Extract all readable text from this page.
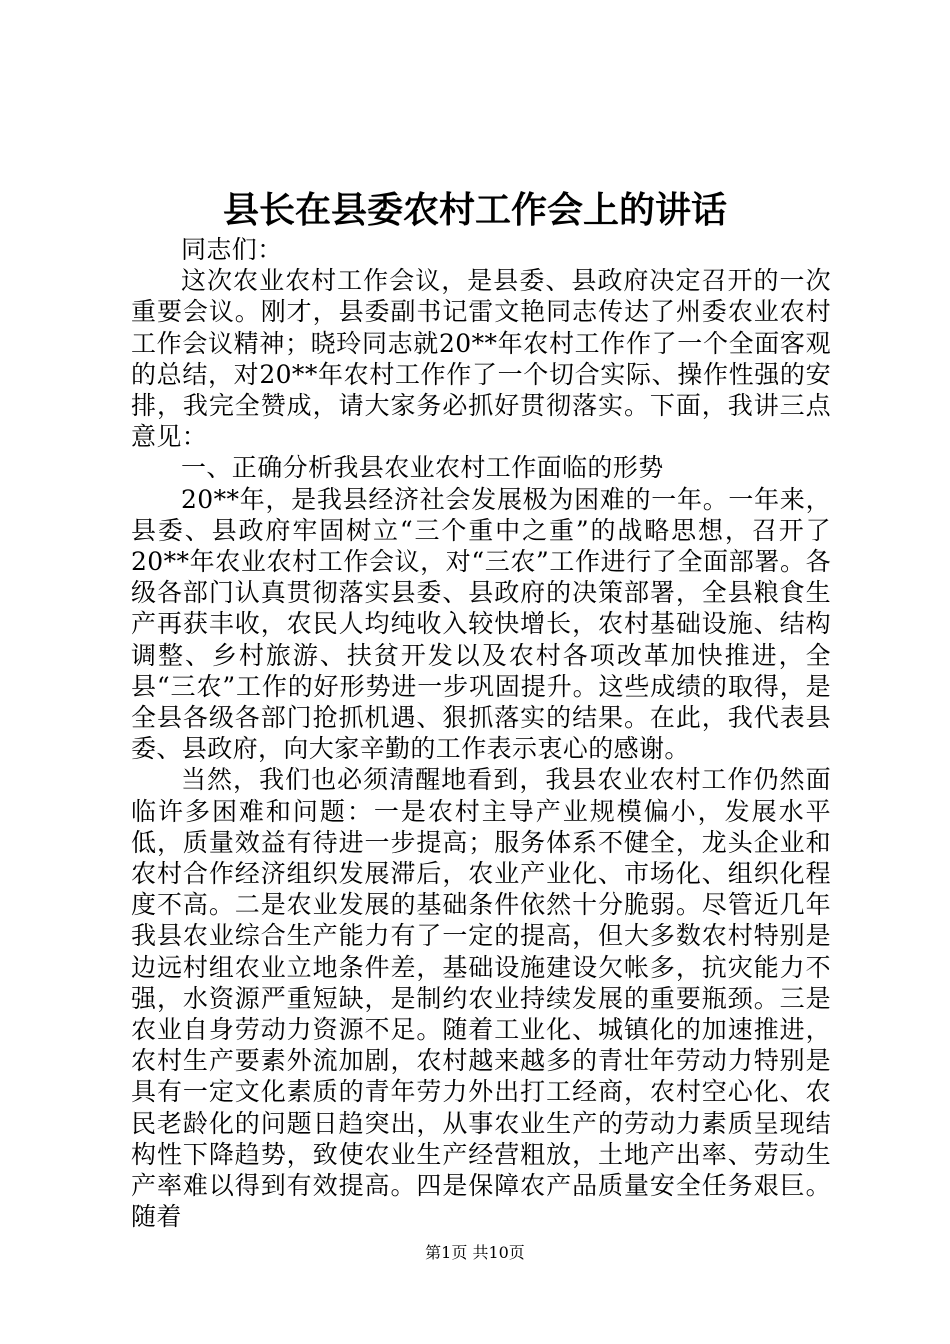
县长在县委农村工作会上的讲话

同志们：

这次农业农村工作会议，是县委、县政府决定召开的一次重要会议。刚才，县委副书记雷文艳同志传达了州委农业农村工作会议精神；晓玲同志就20**年农村工作作了一个全面客观的总结，对20**年农村工作作了一个切合实际、操作性强的安排，我完全赞成，请大家务必抓好贯彻落实。下面，我讲三点意见：

一、正确分析我县农业农村工作面临的形势

20**年，是我县经济社会发展极为困难的一年。一年来，县委、县政府牢固树立“三个重中之重”的战略思想，召开了20**年农业农村工作会议，对“三农”工作进行了全面部署。各级各部门认真贯彻落实县委、县政府的决策部署，全县粮食生产再获丰收，农民人均纯收入较快增长，农村基础设施、结构调整、乡村旅游、扶贫开发以及农村各项改革加快推进，全县“三农”工作的好形势进一步巩固提升。这些成绩的取得，是全县各级各部门抢抓机遇、狠抓落实的结果。在此，我代表县委、县政府，向大家辛勤的工作表示衷心的感谢。

当然，我们也必须清醒地看到，我县农业农村工作仍然面临许多困难和问题：一是农村主导产业规模偏小，发展水平低，质量效益有待进一步提高；服务体系不健全，龙头企业和农村合作经济组织发展滞后，农业产业化、市场化、组织化程度不高。二是农业发展的基础条件依然十分脆弱。尽管近几年我县农业综合生产能力有了一定的提高，但大多数农村特别是边远村组农业立地条件差，基础设施建设欠帐多，抗灾能力不强，水资源严重短缺，是制约农业持续发展的重要瓶颈。三是农业自身劳动力资源不足。随着工业化、城镇化的加速推进，农村生产要素外流加剧，农村越来越多的青壮年劳动力特别是具有一定文化素质的青年劳力外出打工经商，农村空心化、农民老龄化的问题日趋突出，从事农业生产的劳动力素质呈现结构性下降趋势，致使农业生产经营粗放，土地产出率、劳动生产率难以得到有效提高。四是保障农产品质量安全任务艰巨。随着

第1页 共10页
